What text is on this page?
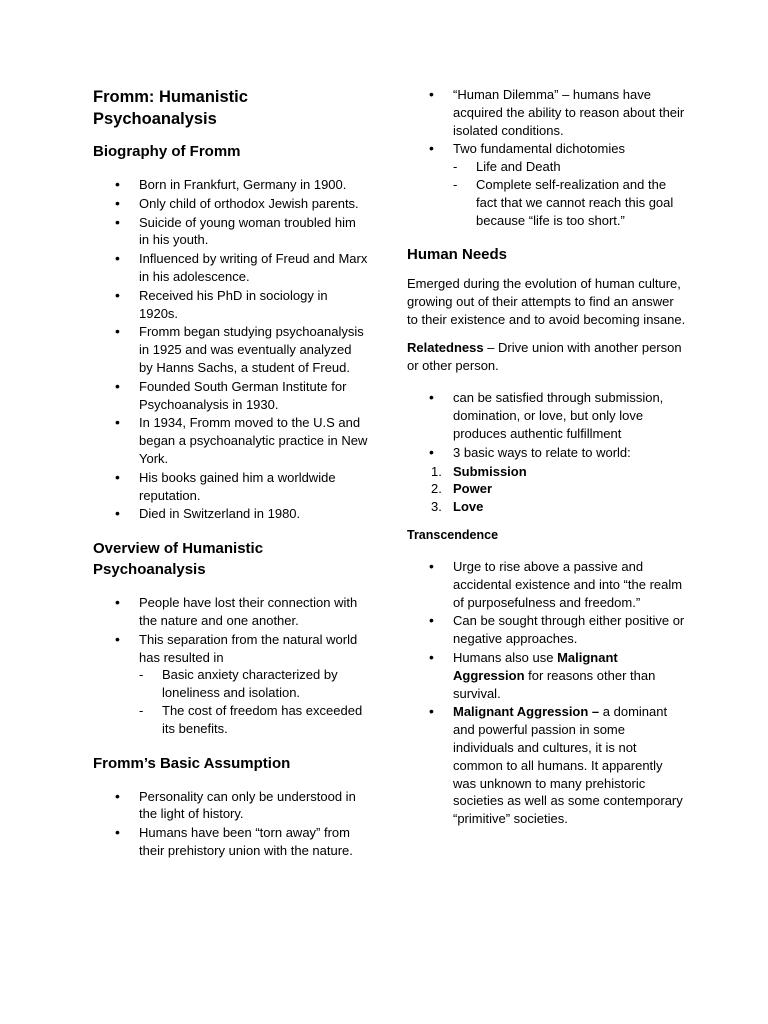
Fromm: Humanistic Psychoanalysis
Biography of Fromm
• Born in Frankfurt, Germany in 1900.
• Only child of orthodox Jewish parents.
• Suicide of young woman troubled him in his youth.
• Influenced by writing of Freud and Marx in his adolescence.
• Received his PhD in sociology in 1920s.
• Fromm began studying psychoanalysis in 1925 and was eventually analyzed by Hanns Sachs, a student of Freud.
• Founded South German Institute for Psychoanalysis in 1930.
• In 1934, Fromm moved to the U.S and began a psychoanalytic practice in New York.
• His books gained him a worldwide reputation.
• Died in Switzerland in 1980.
Overview of Humanistic Psychoanalysis
• People have lost their connection with the nature and one another.
• This separation from the natural world has resulted in
- Basic anxiety characterized by loneliness and isolation.
- The cost of freedom has exceeded its benefits.
Fromm’s Basic Assumption
• Personality can only be understood in the light of history.
• Humans have been “torn away” from their prehistory union with the nature.
• “Human Dilemma” – humans have acquired the ability to reason about their isolated conditions.
• Two fundamental dichotomies
- Life and Death
- Complete self-realization and the fact that we cannot reach this goal because “life is too short.”
Human Needs

Emerged during the evolution of human culture, growing out of their attempts to find an answer to their existence and to avoid becoming insane.

Relatedness – Drive union with another person or other person.

• can be satisfied through submission, domination, or love, but only love produces authentic fulfillment
• 3 basic ways to relate to world:
1. Submission
2. Power
3. Love
Transcendence
• Urge to rise above a passive and accidental existence and into “the realm of purposefulness and freedom.”
• Can be sought through either positive or negative approaches.
• Humans also use Malignant Aggression for reasons other than survival.
• Malignant Aggression – a dominant and powerful passion in some individuals and cultures, it is not common to all humans. It apparently was unknown to many prehistoric societies as well as some contemporary “primitive” societies.
